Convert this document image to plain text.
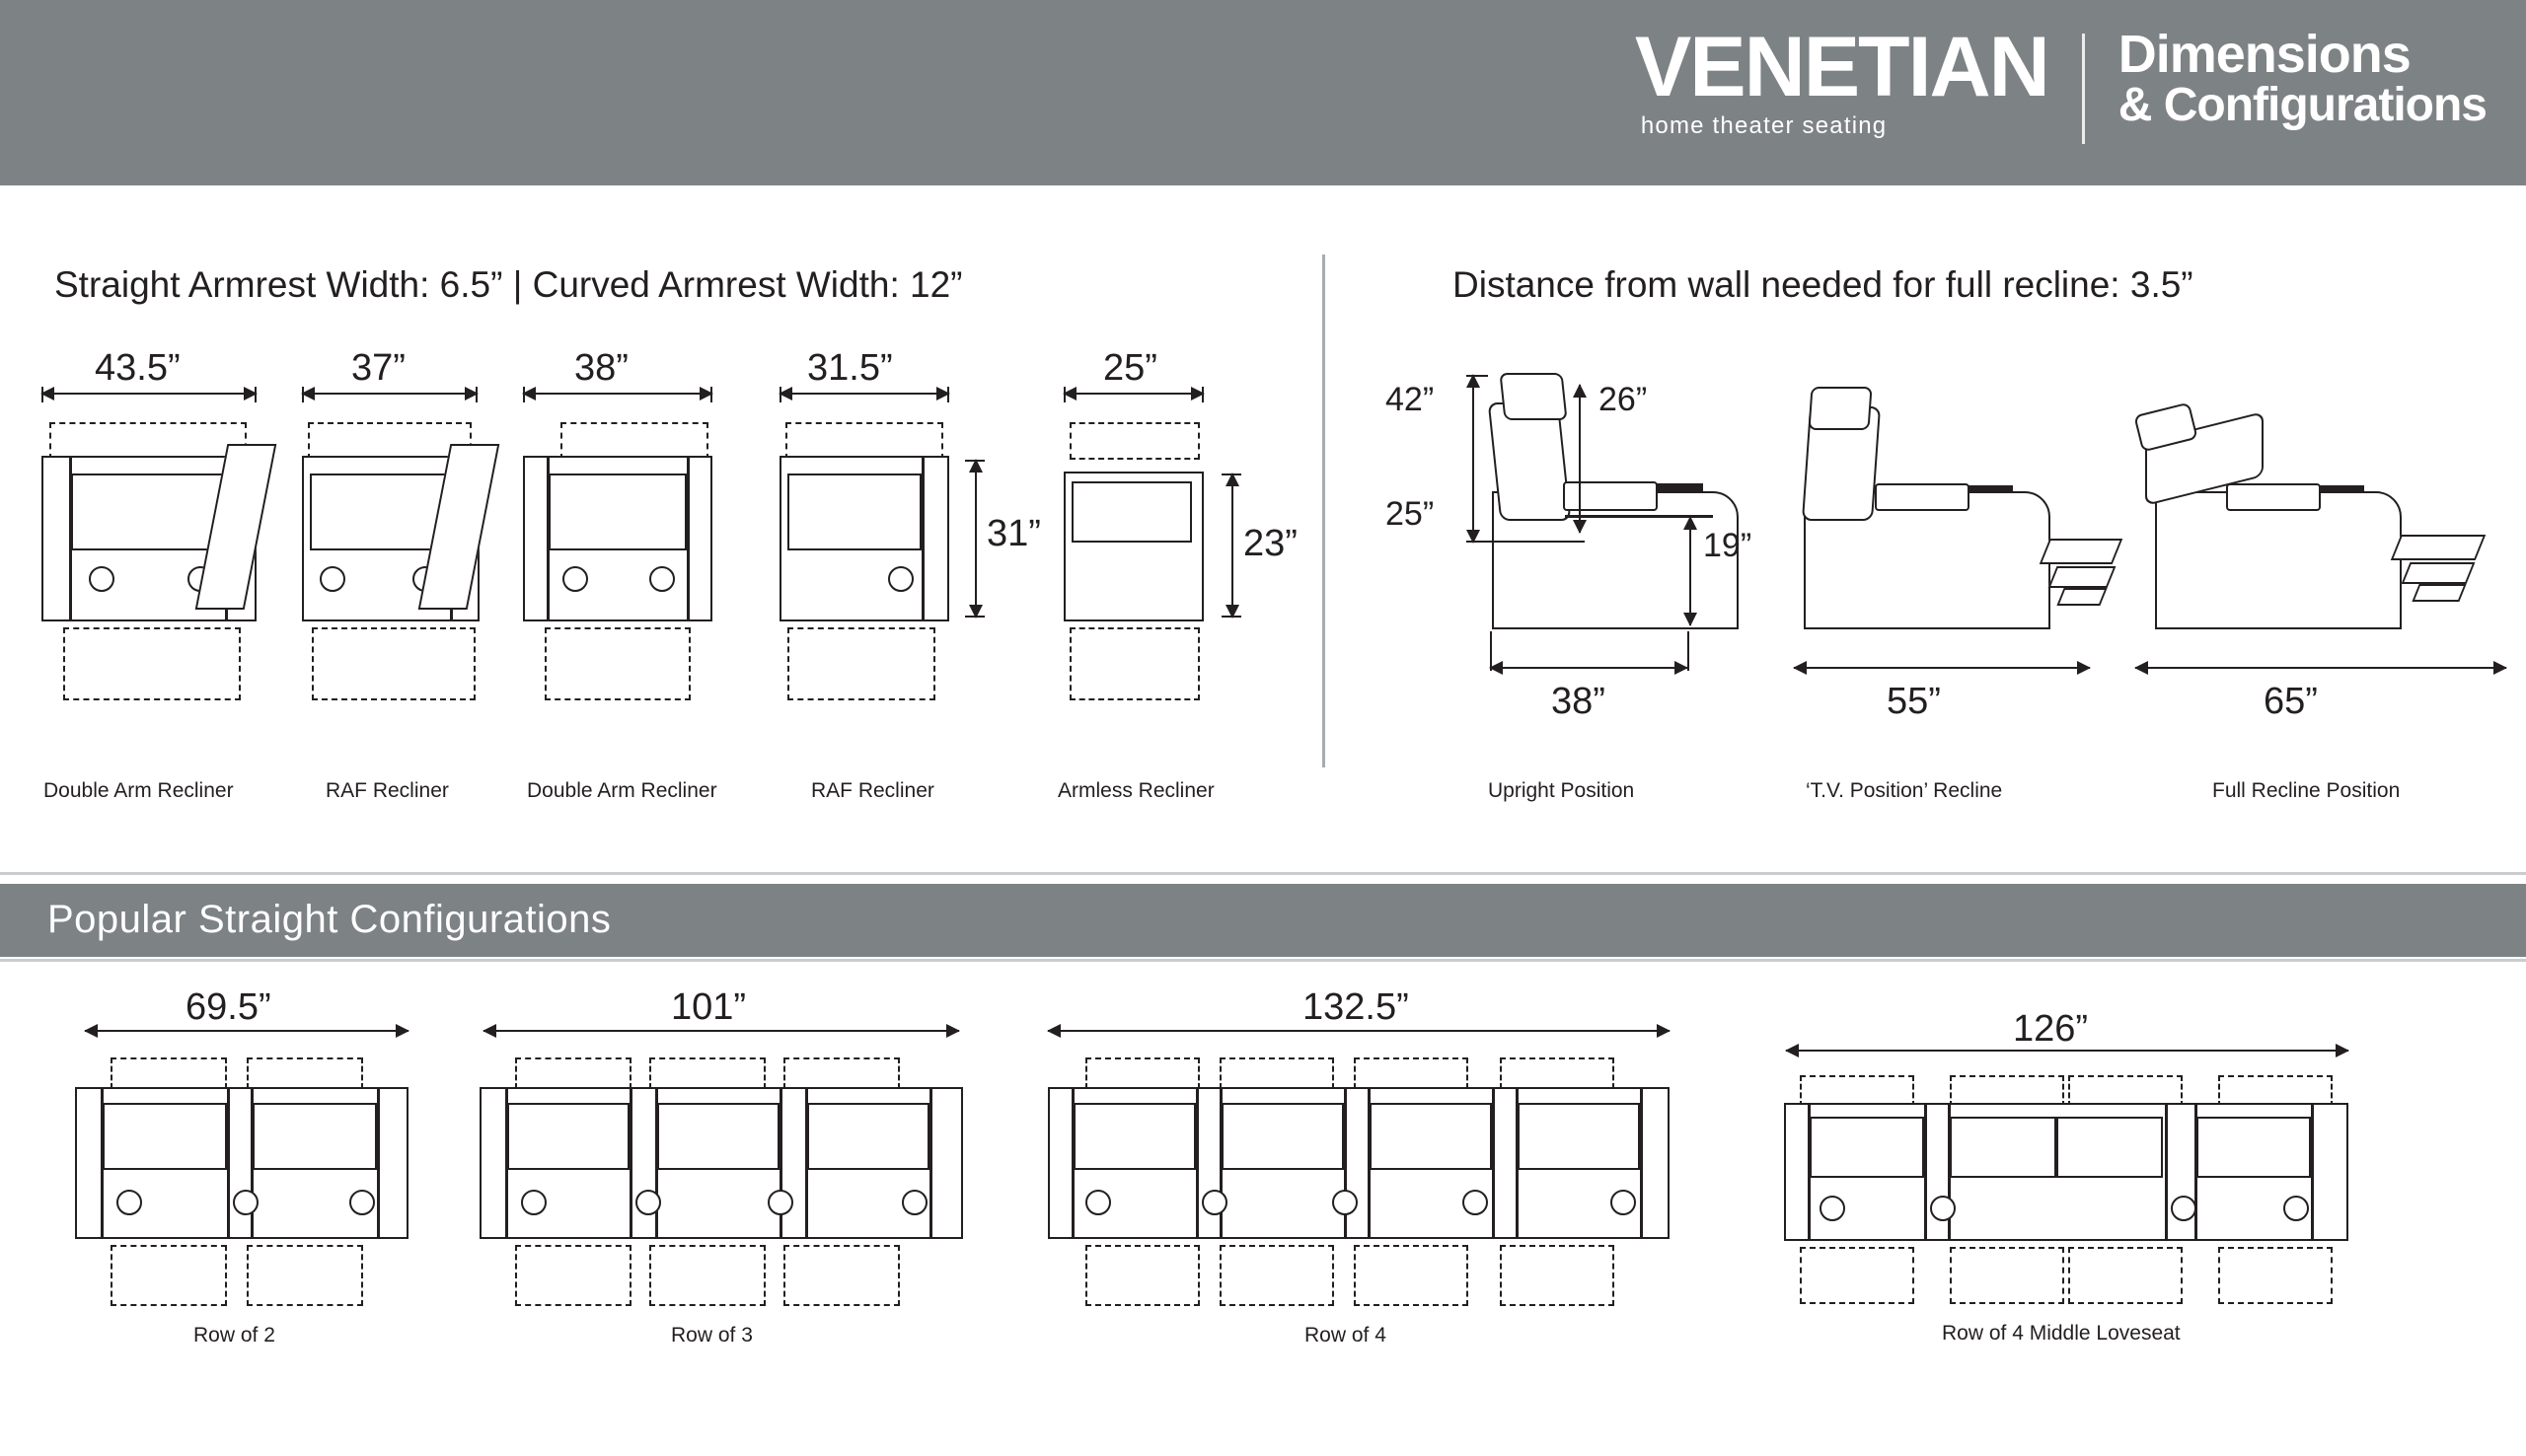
VENETIAN
home theater seating
Dimensions
& Configurations
Straight Armrest Width: 6.5” | Curved Armrest Width: 12”	Distance from wall needed for full recline: 3.5”
43.5”
Double Arm Recliner
37”
RAF Recliner
38”
Double Arm Recliner
31”
31.5”
RAF Recliner
25”
Armless Recliner
23”
42”	26”
25”
19”
38”
Upright Position
55”
‘T.V. Position’ Recline
65”
Full Recline Position
Popular Straight Configurations
69.5”
Row of 2
101”
Row of 3
132.5”
Row of 4
126”
Row of 4 Middle Loveseat
